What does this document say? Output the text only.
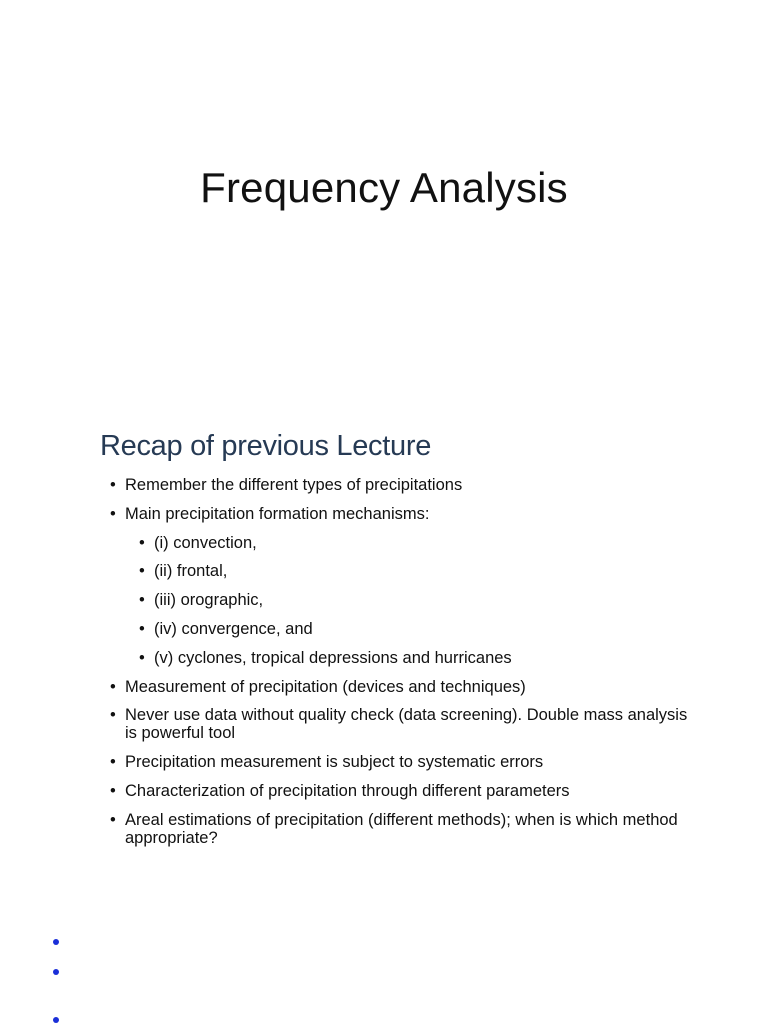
Frequency Analysis
Recap of previous Lecture
• Remember the different types of precipitations
• Main precipitation formation mechanisms:
• (i) convection,
• (ii) frontal,
• (iii) orographic,
• (iv) convergence, and
• (v) cyclones, tropical depressions and hurricanes
• Measurement of precipitation (devices and techniques)
• Never use data without quality check (data screening). Double mass analysis is powerful tool
• Precipitation measurement is subject to systematic errors
• Characterization of precipitation through different parameters
• Areal estimations of precipitation (different methods); when is which method appropriate?
